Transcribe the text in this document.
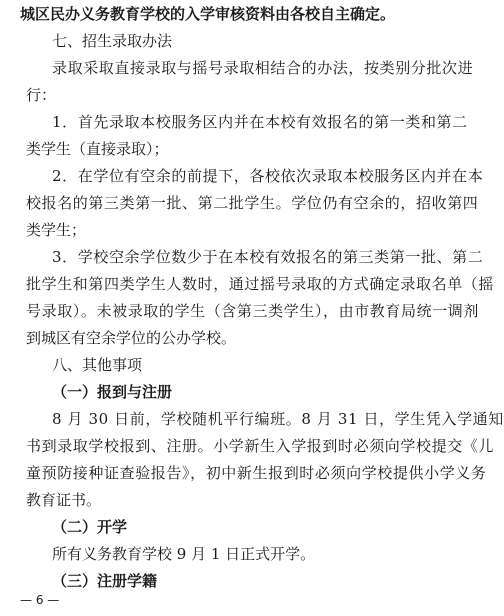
城区民办义务教育学校的入学审核资料由各校自主确定。
七、招生录取办法
录取采取直接录取与摇号录取相结合的办法，按类别分批次进
行：
1．首先录取本校服务区内并在本校有效报名的第一类和第二
类学生（直接录取）；
2．在学位有空余的前提下，各校依次录取本校服务区内并在本
校报名的第三类第一批、第二批学生。学位仍有空余的，招收第四
类学生；
3．学校空余学位数少于在本校有效报名的第三类第一批、第二
批学生和第四类学生人数时，通过摇号录取的方式确定录取名单（摇
号录取）。未被录取的学生（含第三类学生），由市教育局统一调剂
到城区有空余学位的公办学校。
八、其他事项
（一）报到与注册
8 月 30 日前，学校随机平行编班。8 月 31 日，学生凭入学通知
书到录取学校报到、注册。小学新生入学报到时必须向学校提交《儿
童预防接种证查验报告》，初中新生报到时必须向学校提供小学义务
教育证书。
（二）开学
— 6 —
所有义务教育学校 9 月 1 日正式开学。
（三）注册学籍
